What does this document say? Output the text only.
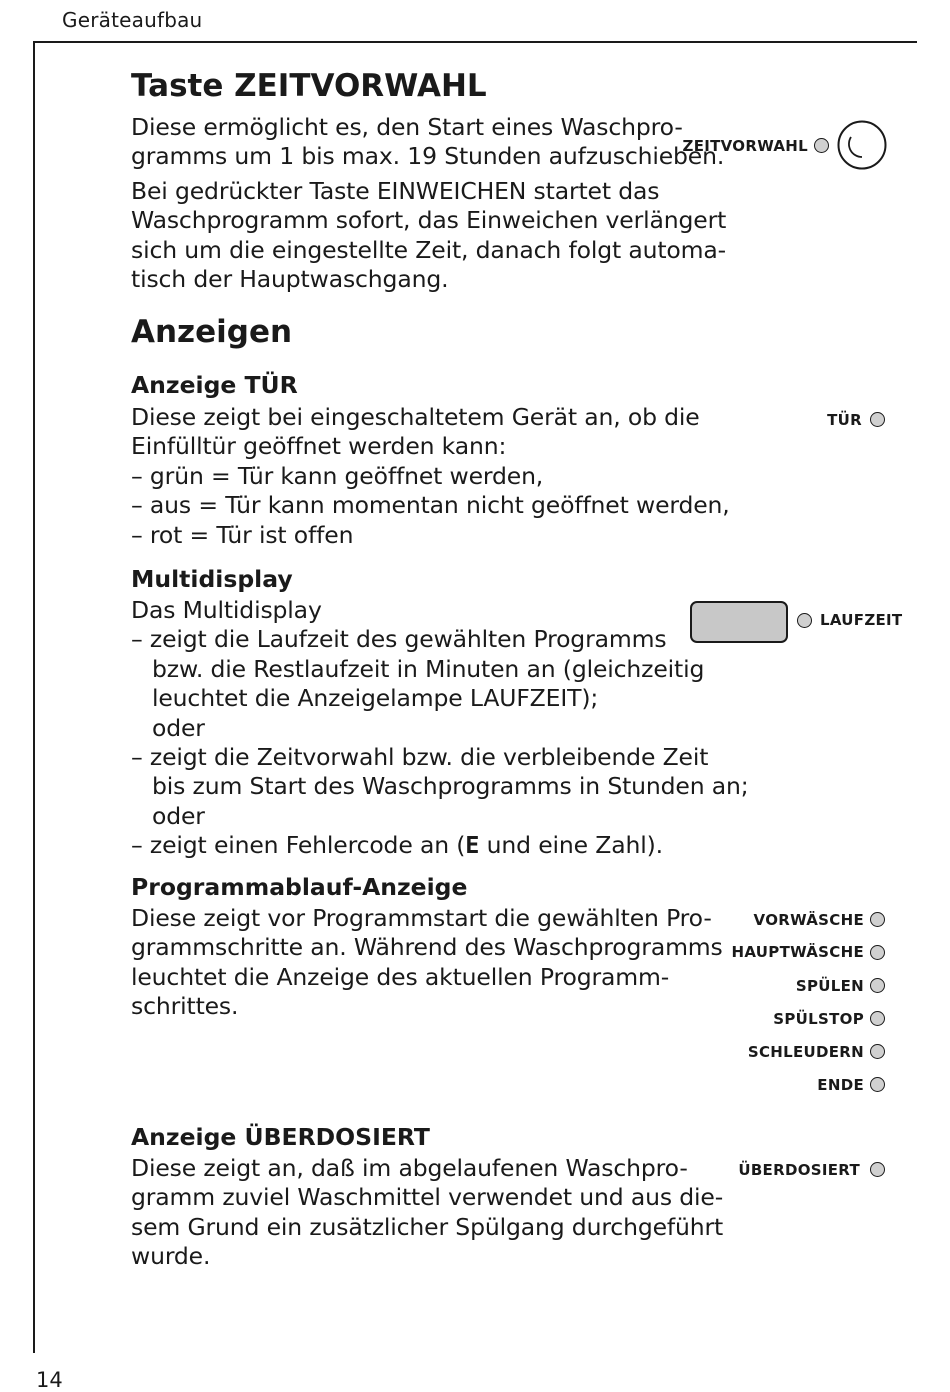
Geräteaufbau
14
Taste ZEITVORWAHL
Diese ermöglicht es, den Start eines Waschpro-
gramms um 1 bis max. 19 Stunden aufzuschieben.
Bei gedrückter Taste EINWEICHEN startet das
Waschprogramm sofort, das Einweichen verlängert
sich um die eingestellte Zeit, danach folgt automa-
tisch der Hauptwaschgang.
Anzeigen
Anzeige TÜR
Diese zeigt bei eingeschaltetem Gerät an, ob die
Einfülltür geöffnet werden kann:
– grün = Tür kann geöffnet werden,
– aus = Tür kann momentan nicht geöffnet werden,
– rot = Tür ist offen
Multidisplay
Das Multidisplay
– zeigt die Laufzeit des gewählten Programms
bzw. die Restlaufzeit in Minuten an (gleichzeitig
leuchtet die Anzeigelampe LAUFZEIT);
oder
– zeigt die Zeitvorwahl bzw. die verbleibende Zeit
bis zum Start des Waschprogramms in Stunden an;
oder
– zeigt einen Fehlercode an (E und eine Zahl).
Programmablauf-Anzeige
Diese zeigt vor Programmstart die gewählten Pro-
grammschritte an. Während des Waschprogramms
leuchtet die Anzeige des aktuellen Programm-
schrittes.
Anzeige ÜBERDOSIERT
Diese zeigt an, daß im abgelaufenen Waschpro-
gramm zuviel Waschmittel verwendet und aus die-
sem Grund ein zusätzlicher Spülgang durchgeführt
wurde.
ZEITVORWAHL
TÜR
LAUFZEIT
VORWÄSCHE
HAUPTWÄSCHE
SPÜLEN
SPÜLSTOP
SCHLEUDERN
ENDE
ÜBERDOSIERT
